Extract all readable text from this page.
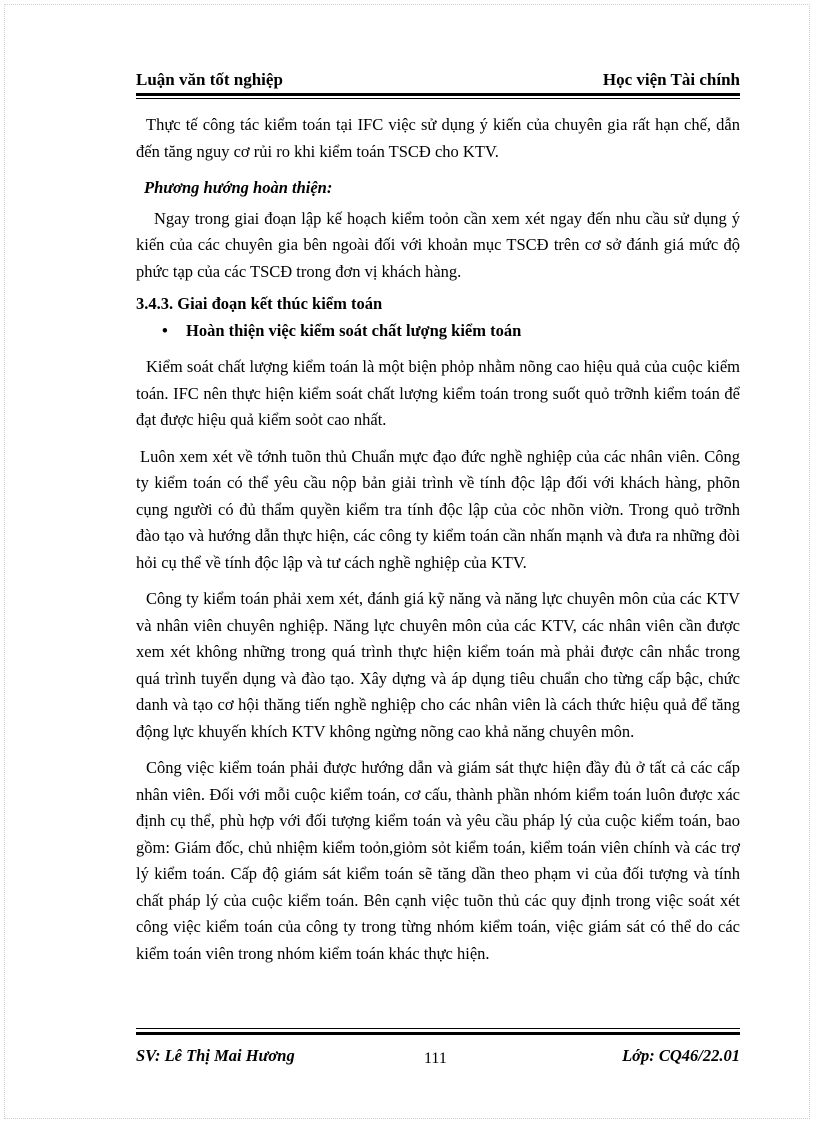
Luận văn tốt nghiệp	Học viện Tài chính

Thực tế công tác kiểm toán tại IFC việc sử dụng ý kiến của chuyên gia rất hạn chế, dẫn đến tăng nguy cơ rủi ro khi kiểm toán TSCĐ cho KTV.

Phương hướng hoàn thiện:

Ngay trong giai đoạn lập kế hoạch kiểm toỏn cần xem xét ngay đến nhu cầu sử dụng ý kiến của các chuyên gia bên ngoài đối với khoản mục TSCĐ trên cơ sở đánh giá mức độ phức tạp của các TSCĐ trong đơn vị khách hàng.

3.4.3. Giai đoạn kết thúc kiểm toán

• Hoàn thiện việc kiểm soát chất lượng kiểm toán

Kiểm soát chất lượng kiểm toán là một biện phỏp nhằm nõng cao hiệu quả của cuộc kiểm toán. IFC nên thực hiện kiểm soát chất lượng kiểm toán trong suốt quỏ trỡnh kiểm toán để đạt được hiệu quả kiểm soỏt cao nhất.

Luôn xem xét về tớnh tuõn thủ Chuẩn mực đạo đức nghề nghiệp của các nhân viên. Công ty kiểm toán có thể yêu cầu nộp bản giải trình về tính độc lập đối với khách hàng, phõn cụng người có đủ thẩm quyền kiểm tra tính độc lập của cỏc nhõn viờn. Trong quỏ trỡnh đào tạo và hướng dẫn thực hiện, các công ty kiểm toán cần nhấn mạnh và đưa ra những đòi hỏi cụ thể về tính độc lập và tư cách nghề nghiệp của KTV.

Công ty kiểm toán phải xem xét, đánh giá kỹ năng và năng lực chuyên môn của các KTV và nhân viên chuyên nghiệp. Năng lực chuyên môn của các KTV, các nhân viên cần được xem xét không những trong quá trình thực hiện kiểm toán mà phải được cân nhắc trong quá trình tuyển dụng và đào tạo. Xây dựng và áp dụng tiêu chuẩn cho từng cấp bậc, chức danh và tạo cơ hội thăng tiến nghề nghiệp cho các nhân viên là cách thức hiệu quả để tăng động lực khuyến khích KTV không ngừng nõng cao khả năng chuyên môn.

Công việc kiểm toán phải được hướng dẫn và giám sát thực hiện đầy đủ ở tất cả các cấp nhân viên. Đối với mỗi cuộc kiểm toán, cơ cấu, thành phần nhóm kiểm toán luôn được xác định cụ thể, phù hợp với đối tượng kiểm toán và yêu cầu pháp lý của cuộc kiểm toán, bao gồm: Giám đốc, chủ nhiệm kiểm toỏn,giỏm sỏt kiểm toán, kiểm toán viên chính và các trợ lý kiểm toán. Cấp độ giám sát kiểm toán sẽ tăng dần theo phạm vi của đối tượng và tính chất pháp lý của cuộc kiểm toán. Bên cạnh việc tuõn thủ các quy định trong việc soát xét công việc kiểm toán của công ty trong từng nhóm kiểm toán, việc giám sát có thể do các kiểm toán viên trong nhóm kiểm toán khác thực hiện.

SV: Lê Thị Mai Hương	111	Lớp: CQ46/22.01
